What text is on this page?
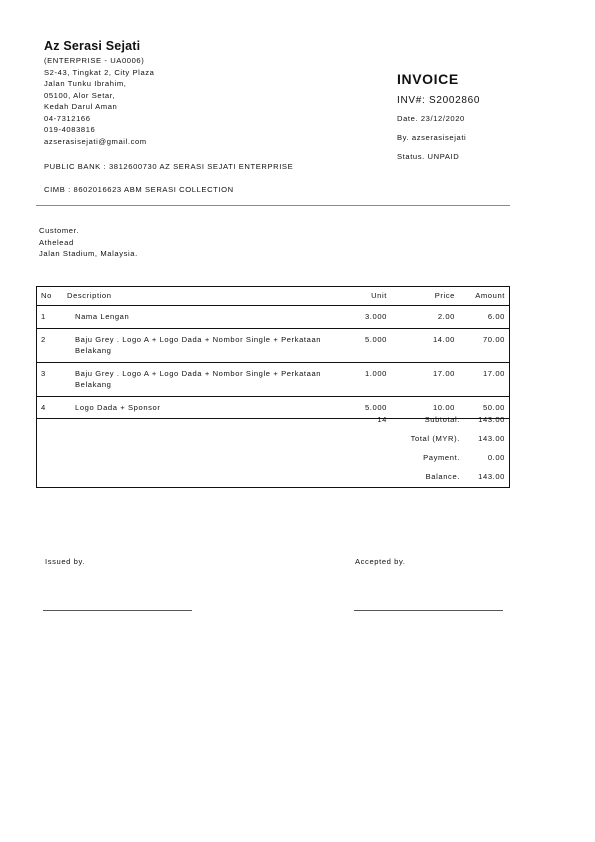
Az Serasi Sejati
(ENTERPRISE - UA0006)
S2-43, Tingkat 2, City Plaza
Jalan Tunku Ibrahim,
05100, Alor Setar,
Kedah Darul Aman
04-7312166
019-4083816
azserasisejati@gmail.com
PUBLIC BANK : 3812600730 AZ SERASI SEJATI ENTERPRISE
CIMB : 8602016623 ABM SERASI COLLECTION
INVOICE
INV#: S2002860
Date. 23/12/2020
By. azserasisejati
Status. UNPAID
Customer.
Athelead
Jalan Stadium, Malaysia.
No	Description	Unit	Price	Amount
1	Nama Lengan	3.000	2.00	6.00
2	Baju Grey . Logo A + Logo Dada + Nombor Single + Perkataan Belakang	5.000	14.00	70.00
3	Baju Grey . Logo A + Logo Dada + Nombor Single + Perkataan Belakang	1.000	17.00	17.00
4	Logo Dada + Sponsor	5.000	10.00	50.00
14	Subtotal. 143.00
Total (MYR). 143.00
Payment.	0.00
Balance. 143.00
Issued by.	Accepted by.
